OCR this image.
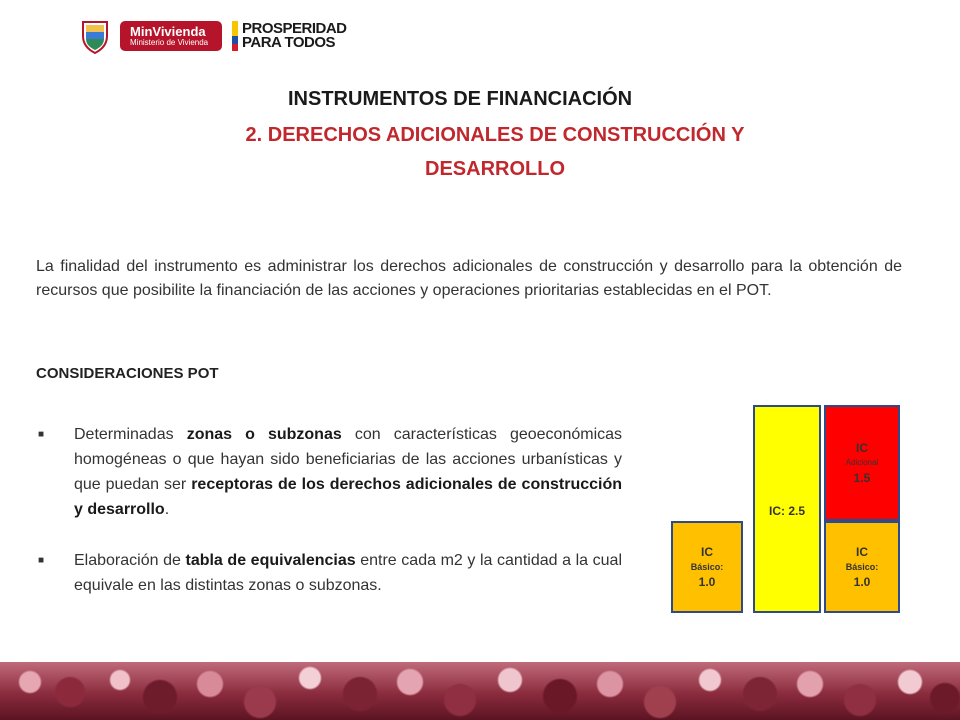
MinVivienda
Ministerio de Vivienda
PROSPERIDAD
PARA TODOS
INSTRUMENTOS DE FINANCIACIÓN
2. DERECHOS ADICIONALES DE CONSTRUCCIÓN Y DESARROLLO
La finalidad del instrumento es administrar los derechos adicionales de construcción y desarrollo para la obtención de recursos que posibilite la financiación de las acciones y operaciones prioritarias establecidas en el POT.
CONSIDERACIONES POT
■	Determinadas zonas o subzonas con características geoeconómicas homogéneas o que hayan sido beneficiarias de las acciones urbanísticas y que puedan ser receptoras de los derechos adicionales de construcción y desarrollo.
■	Elaboración de tabla de equivalencias entre cada m2 y la cantidad a la cual equivale en las distintas zonas o subzonas.
IC
Básico:
1.0
IC: 2.5
IC
Adicional
1.5
IC
Básico:
1.0
